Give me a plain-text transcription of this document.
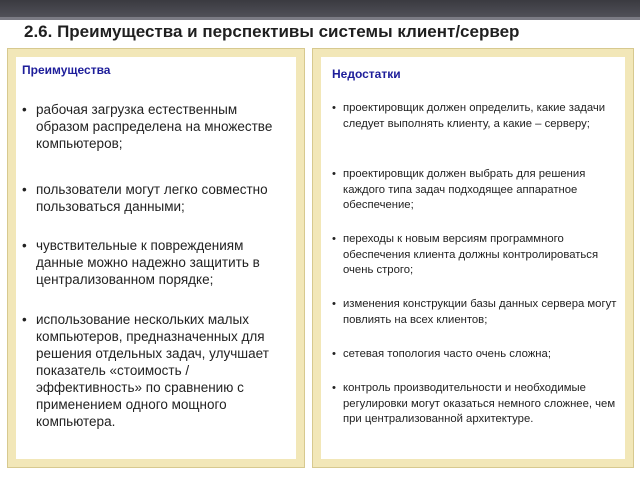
2.6. Преимущества и перспективы системы клиент/сервер
Преимущества
• рабочая загрузка естественным образом распределена на множестве компьютеров;
• пользователи могут легко совместно пользоваться данными;
• чувствительные к повреждениям данные можно надежно защитить в централизованном порядке;
• использование нескольких малых компьютеров, предназначенных для решения отдельных задач, улучшает показатель «стоимость / эффективность» по сравнению с применением одного мощного компьютера.
Недостатки
• проектировщик должен определить, какие задачи следует выполнять клиенту, а какие – серверу;
• проектировщик должен выбрать для решения каждого типа задач подходящее аппаратное обеспечение;
• переходы к новым версиям программного обеспечения клиента должны контролироваться очень строго;
• изменения конструкции базы данных сервера могут повлиять на всех клиентов;
• сетевая топология часто очень сложна;
• контроль производительности и необходимые регулировки могут оказаться немного сложнее, чем при централизованной архитектуре.
